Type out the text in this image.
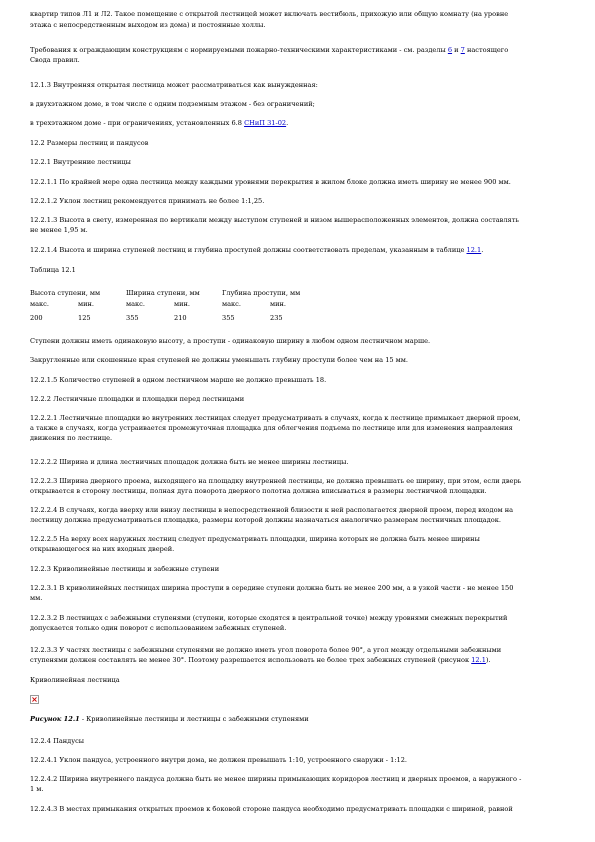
квартир типов Л1 и Л2. Такое помещение с открытой лестницей может включать вестибюль, прихожую или общую комнату (на уровне
этажа с непосредственным выходом из дома) и постоянные холлы.
Требования к ограждающим конструкциям с нормируемыми пожарно-техническими характеристиками - см. разделы 6 и 7 настоящего
Свода правил.
12.1.3 Внутренняя открытая лестница может рассматриваться как вынужденная:
в двухэтажном доме, в том числе с одним подземным этажом - без ограничений;
в трехэтажном доме - при ограничениях, установленных 6.8 СНиП 31-02.
12.2 Размеры лестниц и пандусов
12.2.1 Внутренние лестницы
12.2.1.1 По крайней мере одна лестница между каждыми уровнями перекрытия в жилом блоке должна иметь ширину не менее 900 мм.
12.2.1.2 Уклон лестниц рекомендуется принимать не более 1:1,25.
12.2.1.3 Высота в свету, измеренная по вертикали между выступом ступеней и низом вышерасположенных элементов, должна составлять
не менее 1,95 м.
12.2.1.4 Высота и ширина ступеней лестниц и глубина проступей должны соответствовать пределам, указанным в таблице 12.1.
Таблица 12.1
Высота ступени, мм	Ширина ступени, мм	Глубина проступи, мм
макс.	мин.	макс.	мин.	макс.	мин.
200	125	355	210	355	235
Ступени должны иметь одинаковую высоту, а проступи - одинаковую ширину в любом одном лестничном марше.
Закругленные или скошенные края ступеней не должны уменьшать глубину проступи более чем на 15 мм.
12.2.1.5 Количество ступеней в одном лестничном марше не должно превышать 18.
12.2.2 Лестничные площадки и площадки перед лестницами
12.2.2.1 Лестничные площадки во внутренних лестницах следует предусматривать в случаях, когда к лестнице примыкает дверной проем,
а также в случаях, когда устраивается промежуточная площадка для облегчения подъема по лестнице или для изменения направления
движения по лестнице.
12.2.2.2 Ширина и длина лестничных площадок должна быть не менее ширины лестницы.
12.2.2.3 Ширина дверного проема, выходящего на площадку внутренней лестницы, не должна превышать ее ширину, при этом, если дверь
открывается в сторону лестницы, полная дуга поворота дверного полотна должна вписываться в размеры лестничной площадки.
12.2.2.4 В случаях, когда вверху или внизу лестницы в непосредственной близости к ней располагается дверной проем, перед входом на
лестницу должна предусматриваться площадка, размеры которой должны назначаться аналогично размерам лестничных площадок.
12.2.2.5 На верху всех наружных лестниц следует предусматривать площадки, ширина которых не должна быть менее ширины
открывающегося на них входных дверей.
12.2.3 Криволинейные лестницы и забежные ступени
12.2.3.1 В криволинейных лестницах ширина проступи в середине ступени должна быть не менее 200 мм, а в узкой части - не менее 150
мм.
12.2.3.2 В лестницах с забежными ступенями (ступени, которые сходятся в центральной точке) между уровнями смежных перекрытий
допускается только один поворот с использованием забежных ступеней.
12.2.3.3 У частях лестницы с забежными ступенями не должно иметь угол поворота более 90°, а угол между отдельными забежными
ступенями должен составлять не менее 30°. Поэтому разрешается использовать не более трех забежных ступеней (рисунок 12.1).
Криволинейная лестница
×
Рисунок 12.1 - Криволинейные лестницы и лестницы с забежными ступенями
12.2.4 Пандусы
12.2.4.1 Уклон пандуса, устроенного внутри дома, не должен превышать 1:10, устроенного снаружи - 1:12.
12.2.4.2 Ширина внутреннего пандуса должна быть не менее ширины примыкающих коридоров лестниц и дверных проемов, а наружного -
1 м.
12.2.4.3 В местах примыкания открытых проемов к боковой стороне пандуса необходимо предусматривать площадки с шириной, равной
